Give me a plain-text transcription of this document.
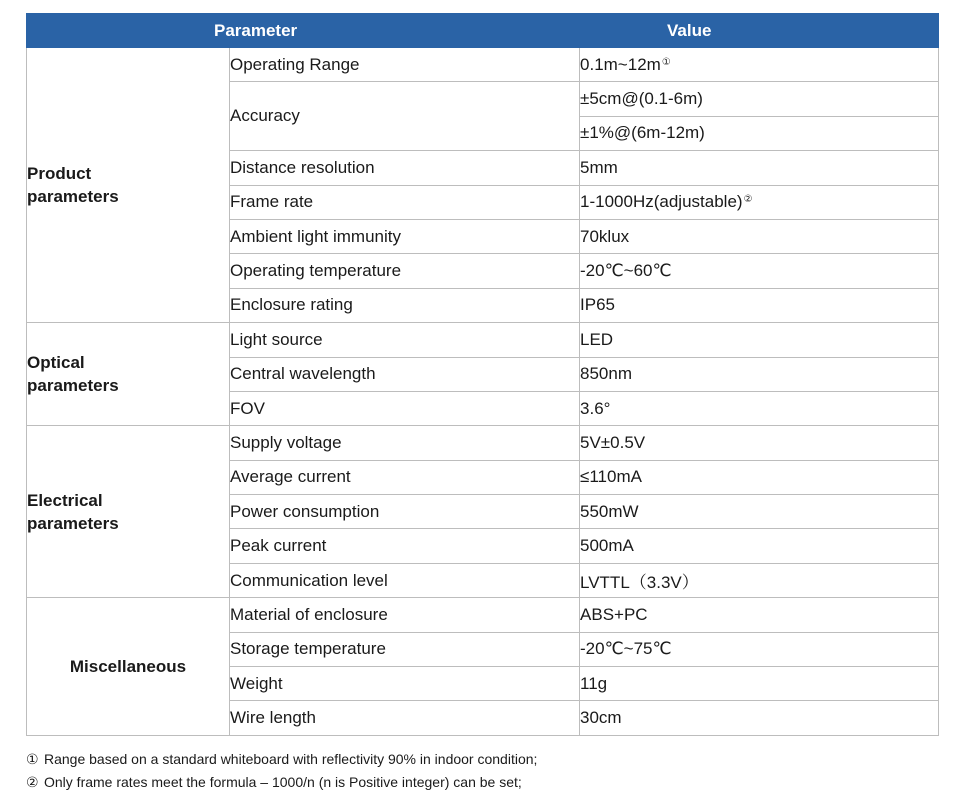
Parameter		Value
Product
parameters	Operating Range	0.1m~12m①
	Accuracy	±5cm@(0.1-6m)
		±1%@(6m-12m)
	Distance resolution	5mm
	Frame rate	1-1000Hz(adjustable)②
	Ambient light immunity	70klux
	Operating temperature	-20℃~60℃
	Enclosure rating	IP65
Optical
parameters	Light source	LED
	Central wavelength	850nm
	FOV	3.6°
Electrical
parameters	Supply voltage	5V±0.5V
	Average current	≤110mA
	Power consumption	550mW
	Peak current	500mA
	Communication level	LVTTL（3.3V）
Miscellaneous	Material of enclosure	ABS+PC
	Storage temperature	-20℃~75℃
	Weight	11g
	Wire length	30cm
① Range based on a standard whiteboard with reflectivity 90% in indoor condition;
② Only frame rates meet the formula – 1000/n (n is Positive integer) can be set;
